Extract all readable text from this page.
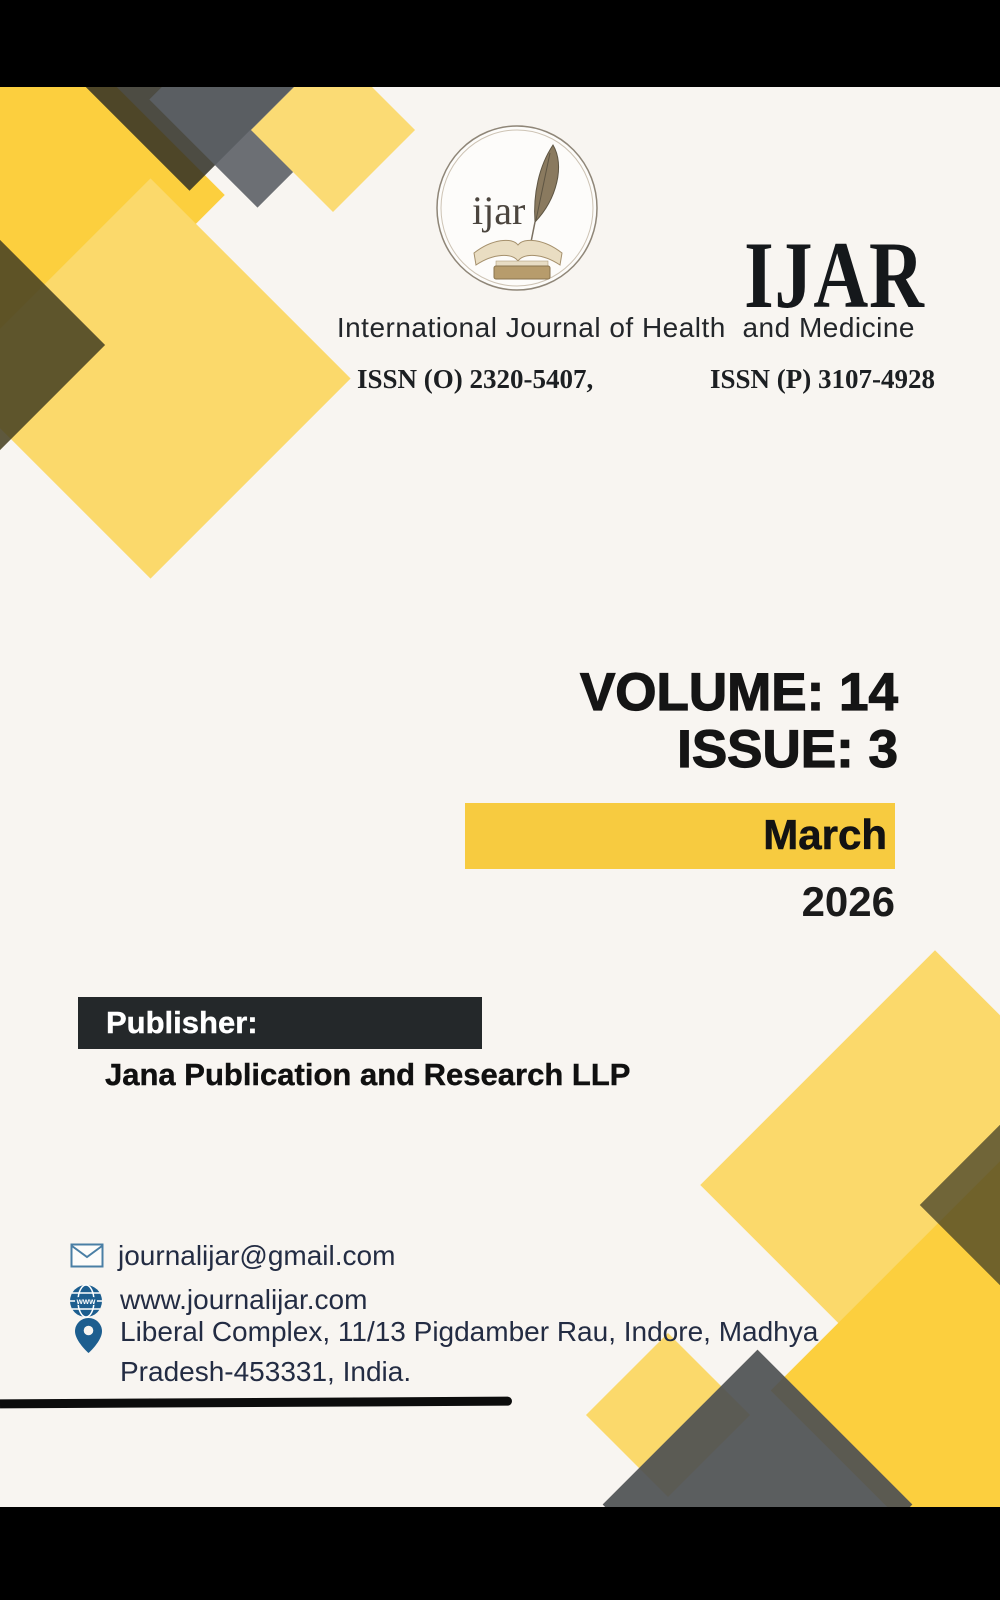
ijar
IJAR
International Journal of Health  and Medicine
ISSN (O) 2320-5407,	ISSN (P) 3107-4928
VOLUME: 14
ISSUE: 3
March
2026
Publisher:
Jana Publication and Research LLP
journalijar@gmail.com
www www.journalijar.com
Liberal Complex, 11/13 Pigdamber Rau, Indore, Madhya
Pradesh-453331, India.
